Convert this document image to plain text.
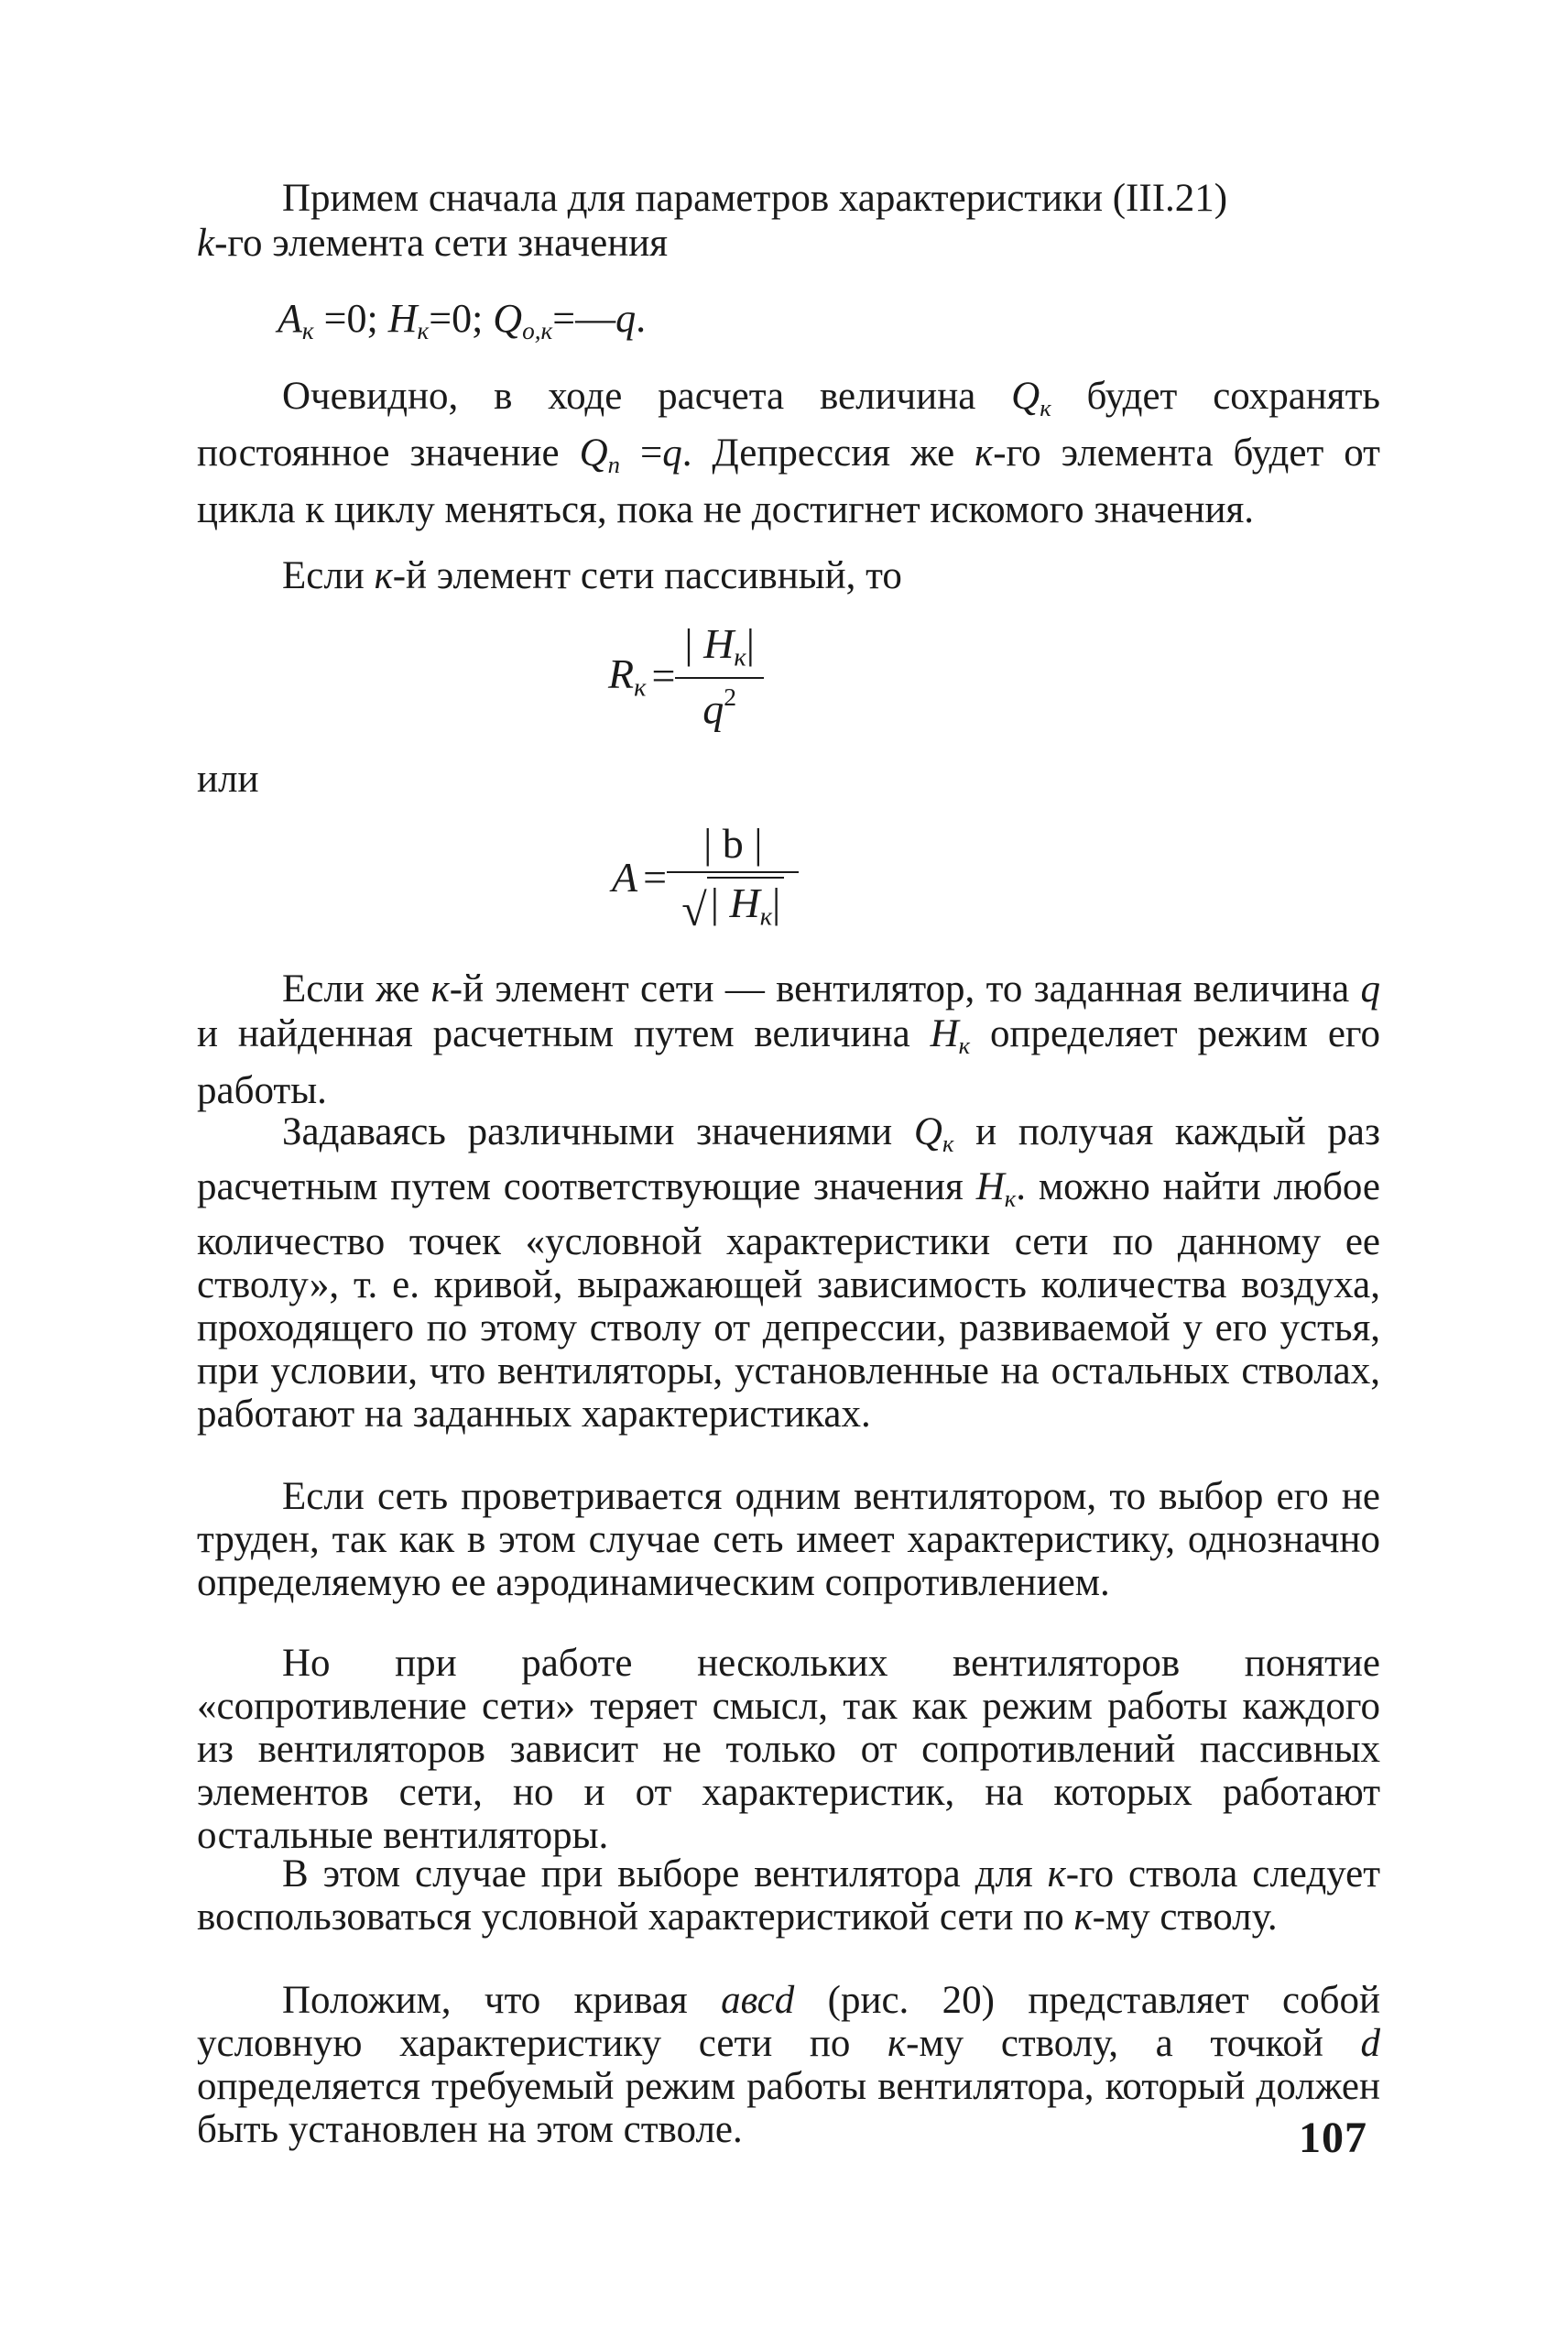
Примем сначала для параметров характеристики (III.21)

k-го элемента сети значения

$A_к =0$; $H_к=0$; $Q_{о,к}=—q$.

Очевидно, в ходе расчета величина $Q_к$ будет сохранять постоянное значение $Q_n =q$. Депрессия же к-го элемента будет от цикла к циклу меняться, пока не достигнет искомого значения.

Если к-й элемент сети пассивный, то

$R_к = \frac{| H_к|}{q^2}$

или

$A = \frac{| b |}{√ | H_к|}$

Если же к-й элемент сети — вентилятор, то заданная величина q и найденная расчетным путем величина $H_к$ определяет режим его работы.

Задаваясь различными значениями $Q_к$ и получая каждый раз расчетным путем соответствующие значения $H_к$. можно найти любое количество точек «условной характеристики сети по данному ее стволу», т. е. кривой, выражающей зависимость количества воздуха, проходящего по этому стволу от депрессии, развиваемой у его устья, при условии, что вентиляторы, установленные на остальных стволах, работают на заданных характеристиках.

Если сеть проветривается одним вентилятором, то выбор его не труден, так как в этом случае сеть имеет характеристику, однозначно определяемую ее аэродинамическим сопротивлением.

Но при работе нескольких вентиляторов понятие «сопротивление сети» теряет смысл, так как режим работы каждого из вентиляторов зависит не только от сопротивлений пассивных элементов сети, но и от характеристик, на которых работают остальные вентиляторы.

В этом случае при выборе вентилятора для к-го ствола следует воспользоваться условной характеристикой сети по к-му стволу.

Положим, что кривая авсd (рис. 20) представляет собой условную характеристику сети по к-му стволу, а точкой d определяется требуемый режим работы вентилятора, который должен быть установлен на этом стволе.	107
